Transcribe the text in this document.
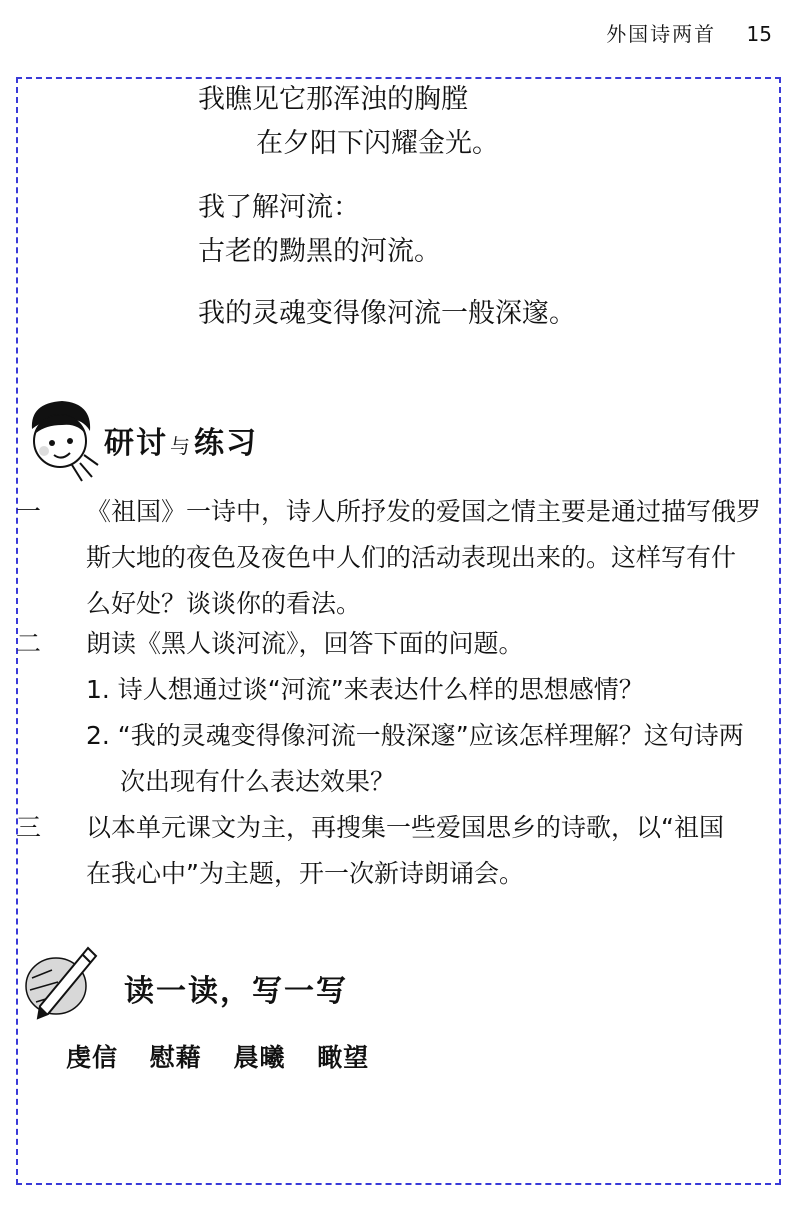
外国诗两首 15
我瞧见它那浑浊的胸膛
在夕阳下闪耀金光。
我了解河流：
古老的黝黑的河流。
我的灵魂变得像河流一般深邃。
研讨 与练习
一 《祖国》一诗中，诗人所抒发的爱国之情主要是通过描写俄罗
斯大地的夜色及夜色中人们的活动表现出来的。这样写有什
么好处？谈谈你的看法。
二 朗读《黑人谈河流》，回答下面的问题。
1. 诗人想通过谈“河流”来表达什么样的思想感情？
2. “我的灵魂变得像河流一般深邃”应该怎样理解？这句诗两
次出现有什么表达效果？
三 以本单元课文为主，再搜集一些爱国思乡的诗歌，以“祖国
在我心中”为主题，开一次新诗朗诵会。
读一读，写一写
虔信 慰藉 晨曦 瞰望
